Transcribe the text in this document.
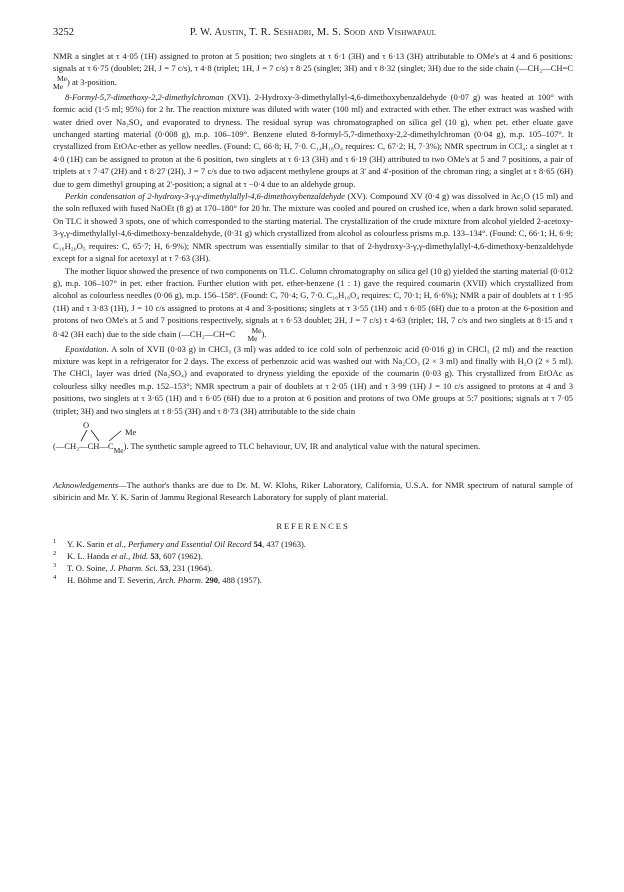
3252	P. W. Austin, T. R. Seshadri, M. S. Sood and Vishwapaul

NMR a singlet at τ 4·05 (1H) assigned to proton at 5 position; two singlets at τ 6·1 (3H) and τ 6·13 (3H) attributable to OMe's at 4 and 6 positions: signals at τ 6·75 (doublet; 2H, J = 7 c/s), τ 4·8 (triplet; 1H, J = 7 c/s) τ 8·25 (singlet; 3H) and τ 8·32 (singlet; 3H) due to the side chain (—CH₂—CH=C
Me
Me ) at 3-position.

8-Formyl-5,7-dimethoxy-2,2-dimethylchroman (XVI). 2-Hydroxy-3-dimethylallyl-4,6-dimethoxybenzaldehyde (0·07 g) was heated at 100° with formic acid (1·5 ml; 95%) for 2 hr. The reaction mixture was diluted with water (100 ml) and extracted with ether. The ether extract was washed with water dried over Na₂SO₄ and evaporated to dryness. The residual syrup was chromatographed on silica gel (10 g), when pet. ether eluate gave unchanged starting material (0·008 g), m.p. 106–109°. Benzene eluted 8-formyl-5,7-dimethoxy-2,2-dimethylchroman (0·04 g), m.p. 105–107°. It crystallized from EtOAc-ether as yellow needles. (Found: C, 66·8; H, 7·0. C₁₄H₁₈O₄ requires: C, 67·2; H, 7·3%); NMR spectrum in CCl₄: a singlet at τ 4·0 (1H) can be assigned to proton at the 6 position, two singlets at τ 6·13 (3H) and τ 6·19 (3H) attributed to two OMe's at 5 and 7 positions, a pair of triplets at τ 7·47 (2H) and τ 8·27 (2H), J = 7 c/s due to two adjacent methylene groups at 3' and 4'-position of the chroman ring; a singlet at τ 8·65 (6H) due to gem dimethyl grouping at 2'-position; a signal at τ −0·4 due to an aldehyde group.

Perkin condensation of 2-hydroxy-3-γ,γ-dimethylallyl-4,6-dimethoxybenzaldehyde (XV). Compound XV (0·4 g) was dissolved in Ac₂O (15 ml) and the soln refluxed with fused NaOEt (8 g) at 170–180° for 20 hr. The mixture was cooled and poured on crushed ice, when a dark brown solid separated. On TLC it showed 3 spots, one of which corresponded to the starting material. The crystallization of the crude mixture from alcohol yielded 2-acetoxy-3-γ,γ-dimethylallyl-4,6-dimethoxy-benzaldehyde, (0·31 g) which crystallized from alcohol as colourless prisms m.p. 133–134°. (Found: C, 66·1; H, 6·9; C₁₆H₂₀O₅ requires: C, 65·7; H, 6·9%); NMR spectrum was essentially similar to that of 2-hydroxy-3-γ,γ-dimethylallyl-4,6-dimethoxy-benzaldehyde except for a signal for acetoxyl at τ 7·63 (3H).

The mother liquor showed the presence of two components on TLC. Column chromatography on silica gel (10 g) yielded the starting material (0·012 g), m.p. 106–107° in pet. ether fraction. Further elution with pet. ether-benzene (1 : 1) gave the required coumarin (XVII) which crystallized from alcohol as colourless needles (0·06 g), m.p. 156–158°. (Found: C, 70·4; G, 7·0. C₁₆H₁₈O₄ requires: C, 70·1; H, 6·6%); NMR a pair of doublets at τ 1·95 (1H) and τ 3·83 (1H), J = 10 c/s assigned to protons at 4 and 3-positions; singlets at τ 3·55 (1H) and τ 6·05 (6H) due to a proton at the 6-position and protons of two OMe's at 5 and 7 positions respectively, signals at τ 6·53 doublet; 2H, J = 7 c/s) τ 4·63 (triplet; 1H, 7 c/s and two singlets at 8·15 and τ 8·42 (3H each) due to the side chain (—CH₂—CH=C	Me
Me ).

Epoxidation. A soln of XVII (0·03 g) in CHCl₃ (3 ml) was added to ice cold soln of perbenzoic acid (0·016 g) in CHCl₃ (2 ml) and the reaction mixture was kept in a refrigerator for 2 days. The excess of perbenzoic acid was washed out with Na₂CO₃ (2 × 3 ml) and finally with H₂O (2 × 5 ml). The CHCl₃ layer was dried (Na₂SO₄) and evaporated to dryness yielding the epoxide of the coumarin (0·03 g). This crystallized from EtOAc as colourless silky needles m.p. 152–153°; NMR spectrum a pair of doublets at τ 2·05 (1H) and τ 3·99 (1H) J = 10 c/s assigned to protons at 4 and 3 positions, two singlets at τ 3·65 (1H) and τ 6·05 (6H) due to a proton at 6 position and protons of two OMe groups at 5:7 positions; signals at τ 7·05 (triplet; 3H) and two singlets at τ 8·55 (3H) and τ 8·73 (3H) attributable to the side chain

O
Me
(—CH₂—CH—CMe). The synthetic sample agreed to TLC behaviour, UV, IR and analytical value with the natural specimen.

Acknowledgements—The author's thanks are due to Dr. M. W. Klohs, Riker Laboratory, California, U.S.A. for NMR spectrum of natural sample of sibiricin and Mr. Y. K. Sarin of Jammu Regional Research Laboratory for supply of plant material.

REFERENCES
1 Y. K. Sarin et al., Perfumery and Essential Oil Record 54, 437 (1963).
2 K. L. Handa et al., Ibid. 53, 607 (1962).
3 T. O. Soine, J. Pharm. Sci. 53, 231 (1964).
4 H. Böhme and T. Severin, Arch. Pharm. 290, 488 (1957).
